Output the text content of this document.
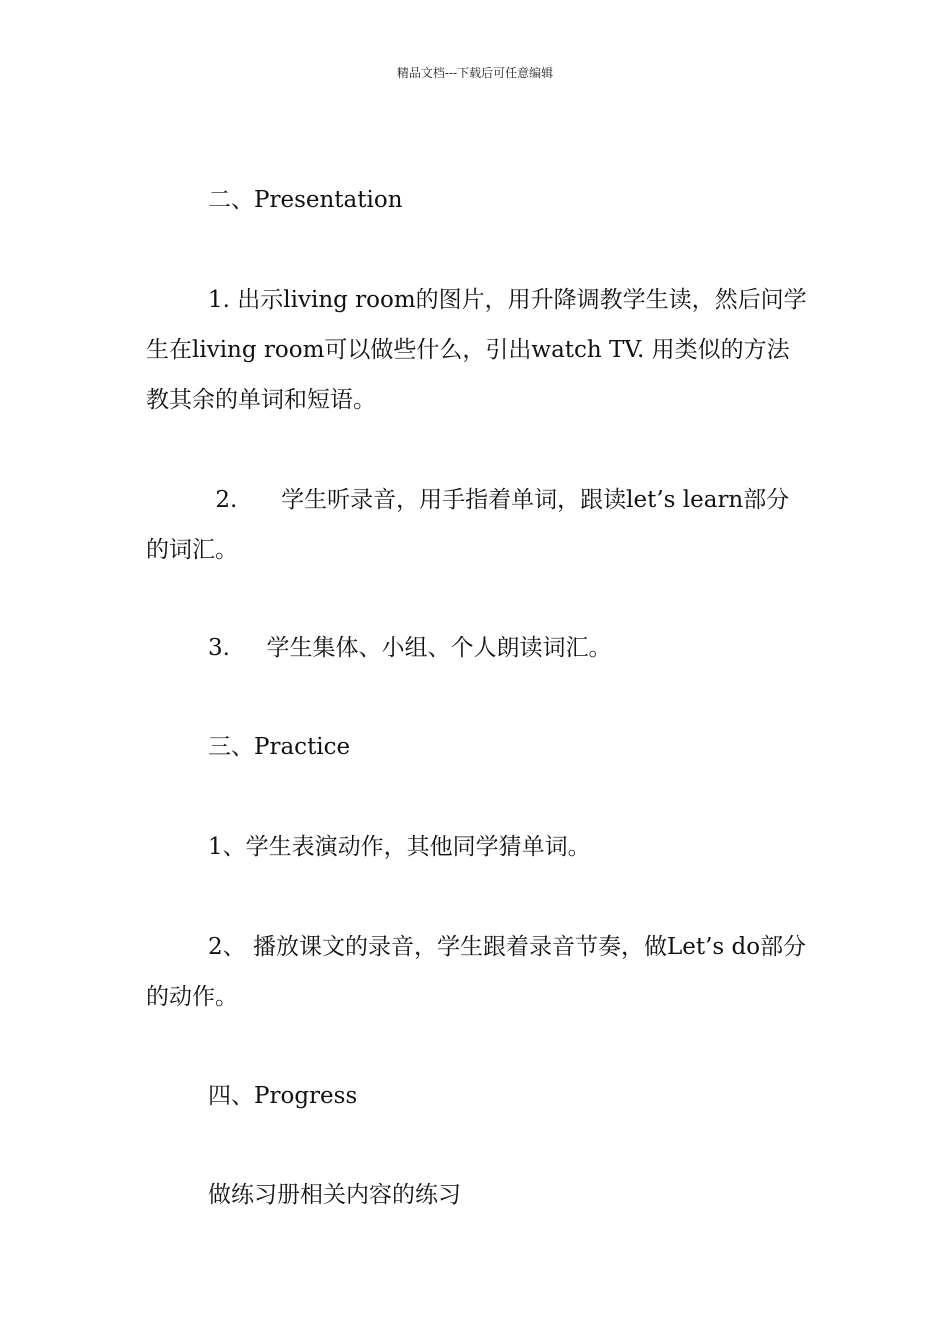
精品文档---下载后可任意编辑

二、Presentation

1. 出示living room的图片，用升降调教学生读，然后问学生在living room可以做些什么，引出watch TV. 用类似的方法教其余的单词和短语。

2.      学生听录音，用手指着单词，跟读let’s learn部分的词汇。

3.     学生集体、小组、个人朗读词汇。

三、Practice

1、学生表演动作，其他同学猜单词。

2、 播放课文的录音，学生跟着录音节奏，做Let’s do部分的动作。

四、Progress

做练习册相关内容的练习
